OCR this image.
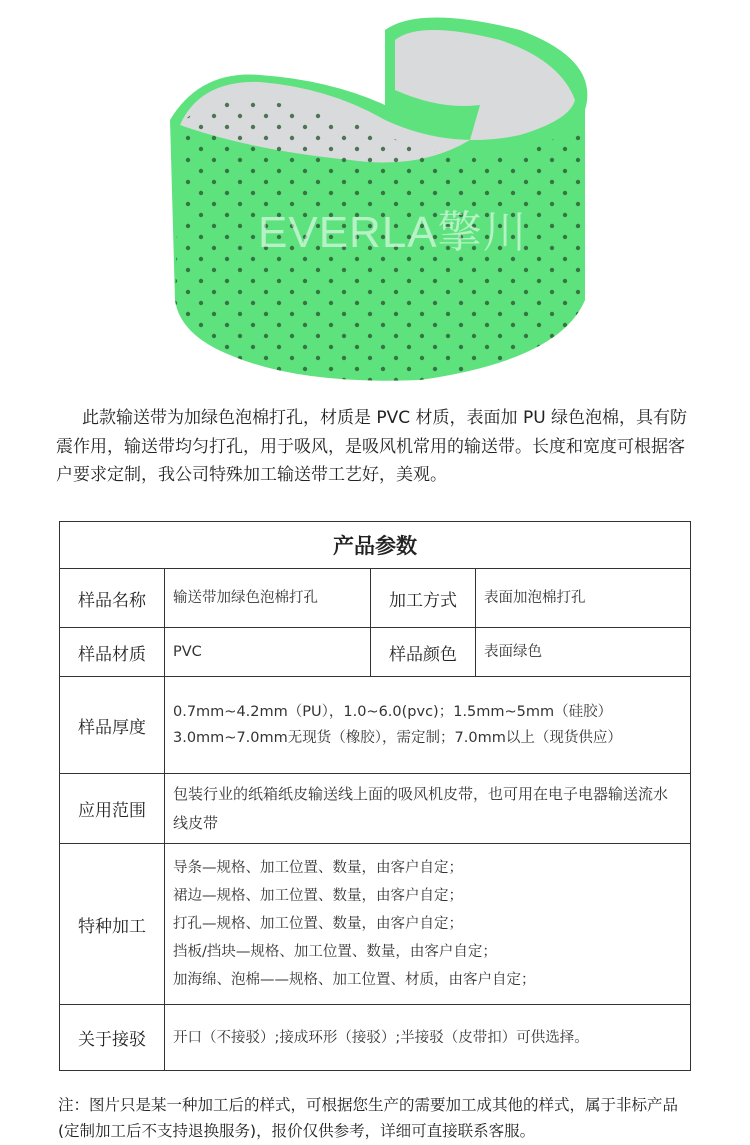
EVERLA擎川
此款输送带为加绿色泡棉打孔，材质是 PVC 材质，表面加 PU 绿色泡棉，具有防震作用，输送带均匀打孔，用于吸风，是吸风机常用的输送带。长度和宽度可根据客户要求定制，我公司特殊加工输送带工艺好，美观。
产品参数			
样品名称	输送带加绿色泡棉打孔	加工方式	表面加泡棉打孔
样品材质	PVC	样品颜色	表面绿色
样品厚度	0.7mm~4.2mm（PU），1.0~6.0(pvc)；1.5mm~5mm（硅胶）
3.0mm~7.0mm无现货（橡胶），需定制；7.0mm以上（现货供应）		

应用范围	包装行业的纸箱纸皮输送线上面的吸风机皮带，也可用在电子电器输送流水线皮带		
特种加工	导条—规格、加工位置、数量，由客户自定；
裙边—规格、加工位置、数量，由客户自定；
打孔—规格、加工位置、数量，由客户自定；
挡板/挡块—规格、加工位置、数量，由客户自定；
加海绵、泡棉——规格、加工位置、材质，由客户自定；		

关于接驳	开口（不接驳）;接成环形（接驳）;半接驳（皮带扣）可供选择。		
注：图片只是某一种加工后的样式，可根据您生产的需要加工成其他的样式，属于非标产品(定制加工后不支持退换服务)，报价仅供参考，详细可直接联系客服。
